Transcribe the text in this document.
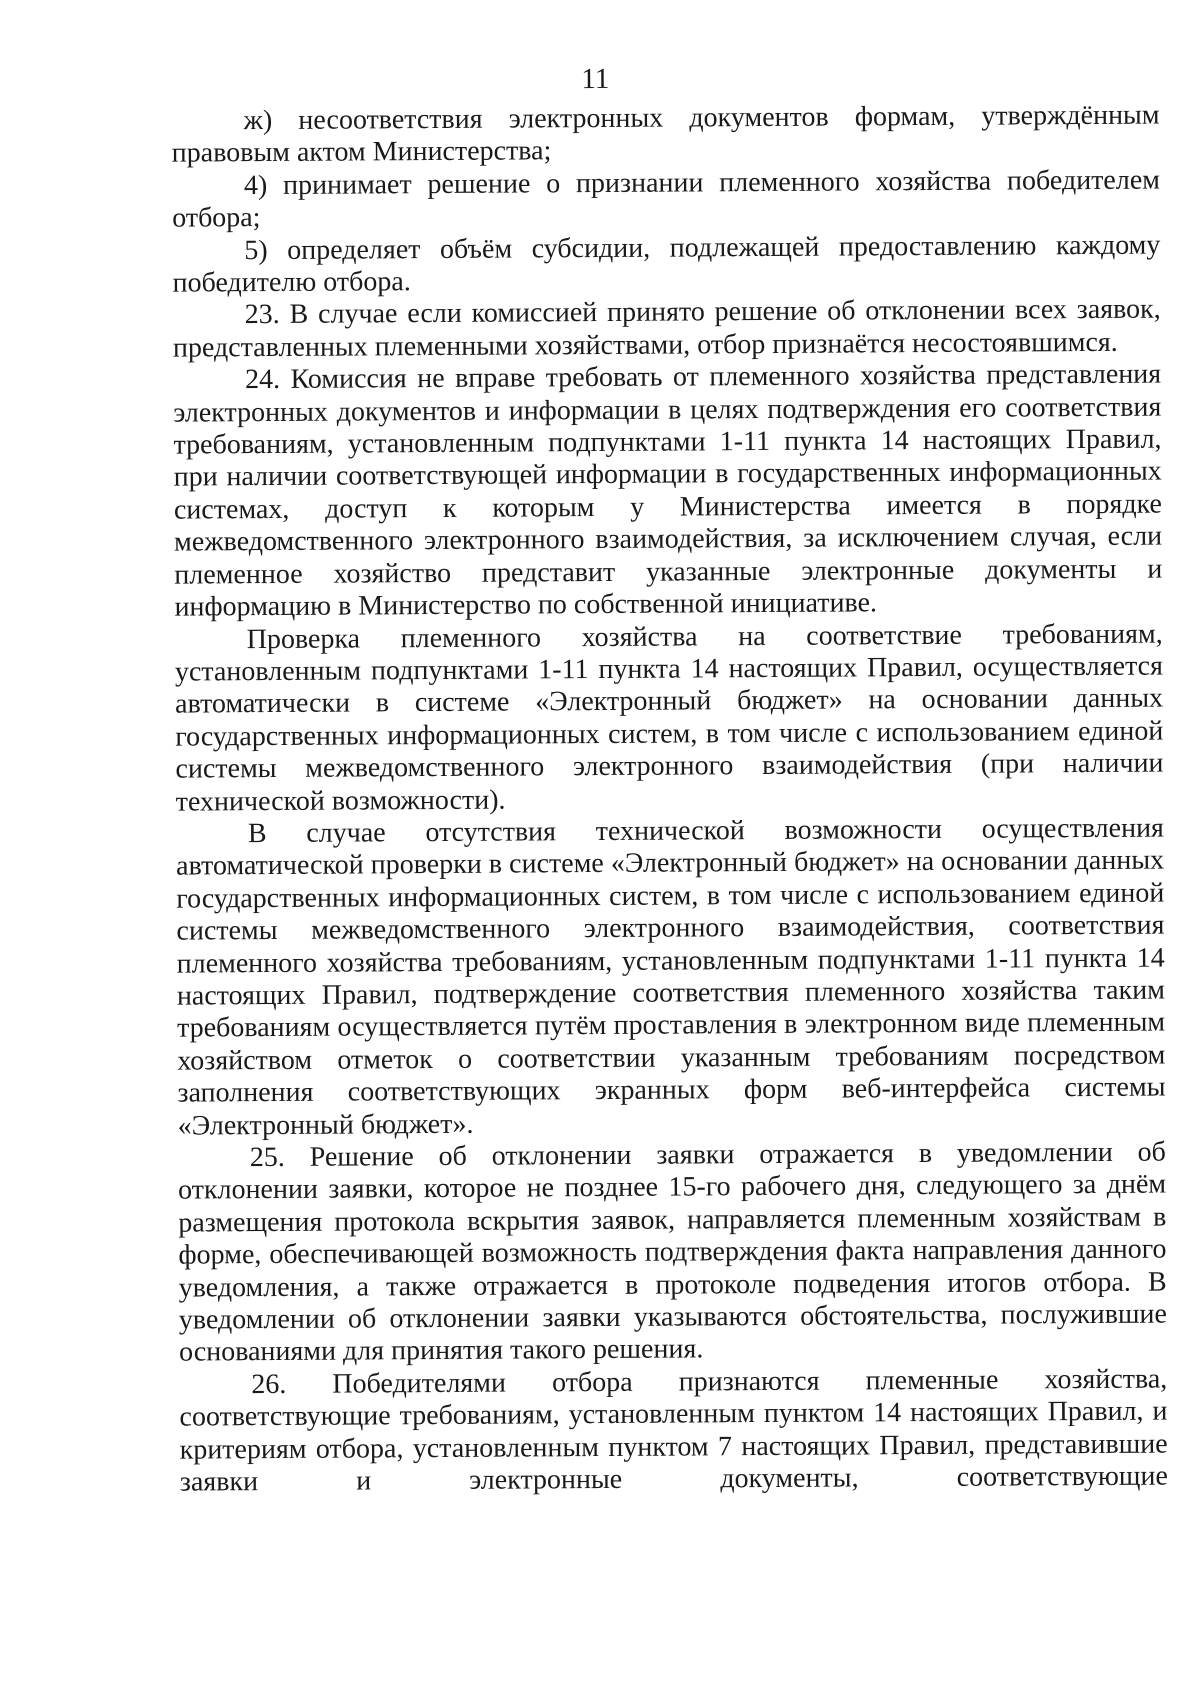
11

ж) несоответствия электронных документов формам, утверждённым правовым актом Министерства;

4) принимает решение о признании племенного хозяйства победителем отбора;

5) определяет объём субсидии, подлежащей предоставлению каждому победителю отбора.

23. В случае если комиссией принято решение об отклонении всех заявок, представленных племенными хозяйствами, отбор признаётся несостоявшимся.

24. Комиссия не вправе требовать от племенного хозяйства представления электронных документов и информации в целях подтверждения его соответствия требованиям, установленным подпунктами 1-11 пункта 14 настоящих Правил, при наличии соответствующей информации в государственных информационных системах, доступ к которым у Министерства имеется в порядке межведомственного электронного взаимодействия, за исключением случая, если племенное хозяйство представит указанные электронные документы и информацию в Министерство по собственной инициативе.

Проверка племенного хозяйства на соответствие требованиям, установленным подпунктами 1-11 пункта 14 настоящих Правил, осуществляется автоматически в системе «Электронный бюджет» на основании данных государственных информационных систем, в том числе с использованием единой системы межведомственного электронного взаимодействия (при наличии технической возможности).

В случае отсутствия технической возможности осуществления автоматической проверки в системе «Электронный бюджет» на основании данных государственных информационных систем, в том числе с использованием единой системы межведомственного электронного взаимодействия, соответствия племенного хозяйства требованиям, установленным подпунктами 1-11 пункта 14 настоящих Правил, подтверждение соответствия племенного хозяйства таким требованиям осуществляется путём проставления в электронном виде племенным хозяйством отметок о соответствии указанным требованиям посредством заполнения соответствующих экранных форм веб-интерфейса системы «Электронный бюджет».

25. Решение об отклонении заявки отражается в уведомлении об отклонении заявки, которое не позднее 15-го рабочего дня, следующего за днём размещения протокола вскрытия заявок, направляется племенным хозяйствам в форме, обеспечивающей возможность подтверждения факта направления данного уведомления, а также отражается в протоколе подведения итогов отбора. В уведомлении об отклонении заявки указываются обстоятельства, послужившие основаниями для принятия такого решения.

26. Победителями отбора признаются племенные хозяйства, соответствующие требованиям, установленным пунктом 14 настоящих Правил, и критериям отбора, установленным пунктом 7 настоящих Правил, представившие заявки и электронные документы, соответствующие
